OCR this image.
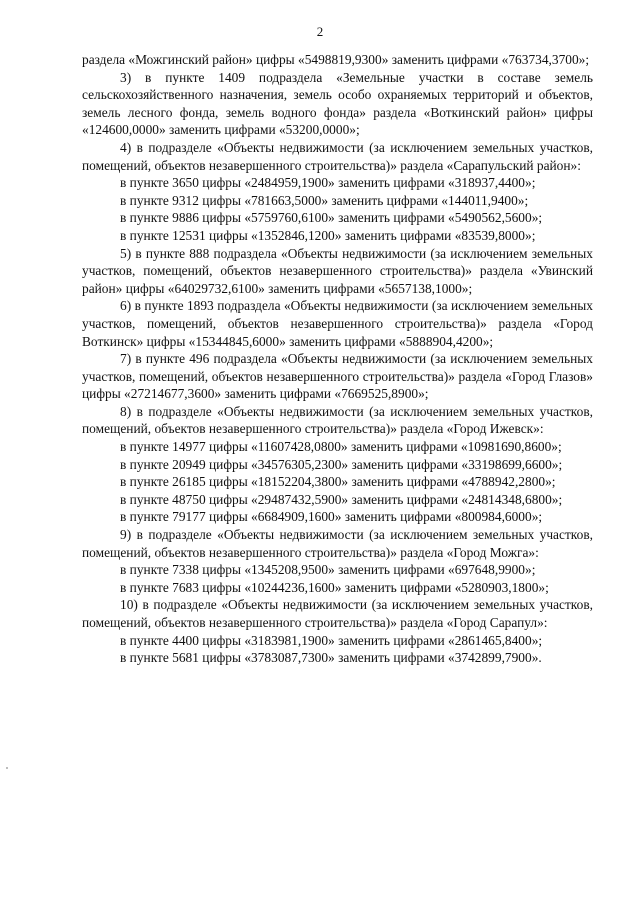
2

раздела «Можгинский район» цифры «5498819,9300» заменить цифрами «763734,3700»;

3) в пункте 1409 подраздела «Земельные участки в составе земель сельскохозяйственного назначения, земель особо охраняемых территорий и объектов, земель лесного фонда, земель водного фонда» раздела «Воткинский район» цифры «124600,0000» заменить цифрами «53200,0000»;

4) в подразделе «Объекты недвижимости (за исключением земельных участков, помещений, объектов незавершенного строительства)» раздела «Сарапульский район»:

в пункте 3650 цифры «2484959,1900» заменить цифрами «318937,4400»;

в пункте 9312 цифры «781663,5000» заменить цифрами «144011,9400»;

в пункте 9886 цифры «5759760,6100» заменить цифрами «5490562,5600»;

в пункте 12531 цифры «1352846,1200» заменить цифрами «83539,8000»;

5) в пункте 888 подраздела «Объекты недвижимости (за исключением земельных участков, помещений, объектов незавершенного строительства)» раздела «Увинский район» цифры «64029732,6100» заменить цифрами «5657138,1000»;

6) в пункте 1893 подраздела «Объекты недвижимости (за исключением земельных участков, помещений, объектов незавершенного строительства)» раздела «Город Воткинск» цифры «15344845,6000» заменить цифрами «5888904,4200»;

7) в пункте 496 подраздела «Объекты недвижимости (за исключением земельных участков, помещений, объектов незавершенного строительства)» раздела «Город Глазов» цифры «27214677,3600» заменить цифрами «7669525,8900»;

8) в подразделе «Объекты недвижимости (за исключением земельных участков, помещений, объектов незавершенного строительства)» раздела «Город Ижевск»:

в пункте 14977 цифры «11607428,0800» заменить цифрами «10981690,8600»;

в пункте 20949 цифры «34576305,2300» заменить цифрами «33198699,6600»;

в пункте 26185 цифры «18152204,3800» заменить цифрами «4788942,2800»;

в пункте 48750 цифры «29487432,5900» заменить цифрами «24814348,6800»;

в пункте 79177 цифры «6684909,1600» заменить цифрами «800984,6000»;

9) в подразделе «Объекты недвижимости (за исключением земельных участков, помещений, объектов незавершенного строительства)» раздела «Город Можга»:

в пункте 7338 цифры «1345208,9500» заменить цифрами «697648,9900»;

в пункте 7683 цифры «10244236,1600» заменить цифрами «5280903,1800»;

10) в подразделе «Объекты недвижимости (за исключением земельных участков, помещений, объектов незавершенного строительства)» раздела «Город Сарапул»:

в пункте 4400 цифры «3183981,1900» заменить цифрами «2861465,8400»;

в пункте 5681 цифры «3783087,7300» заменить цифрами «3742899,7900».
